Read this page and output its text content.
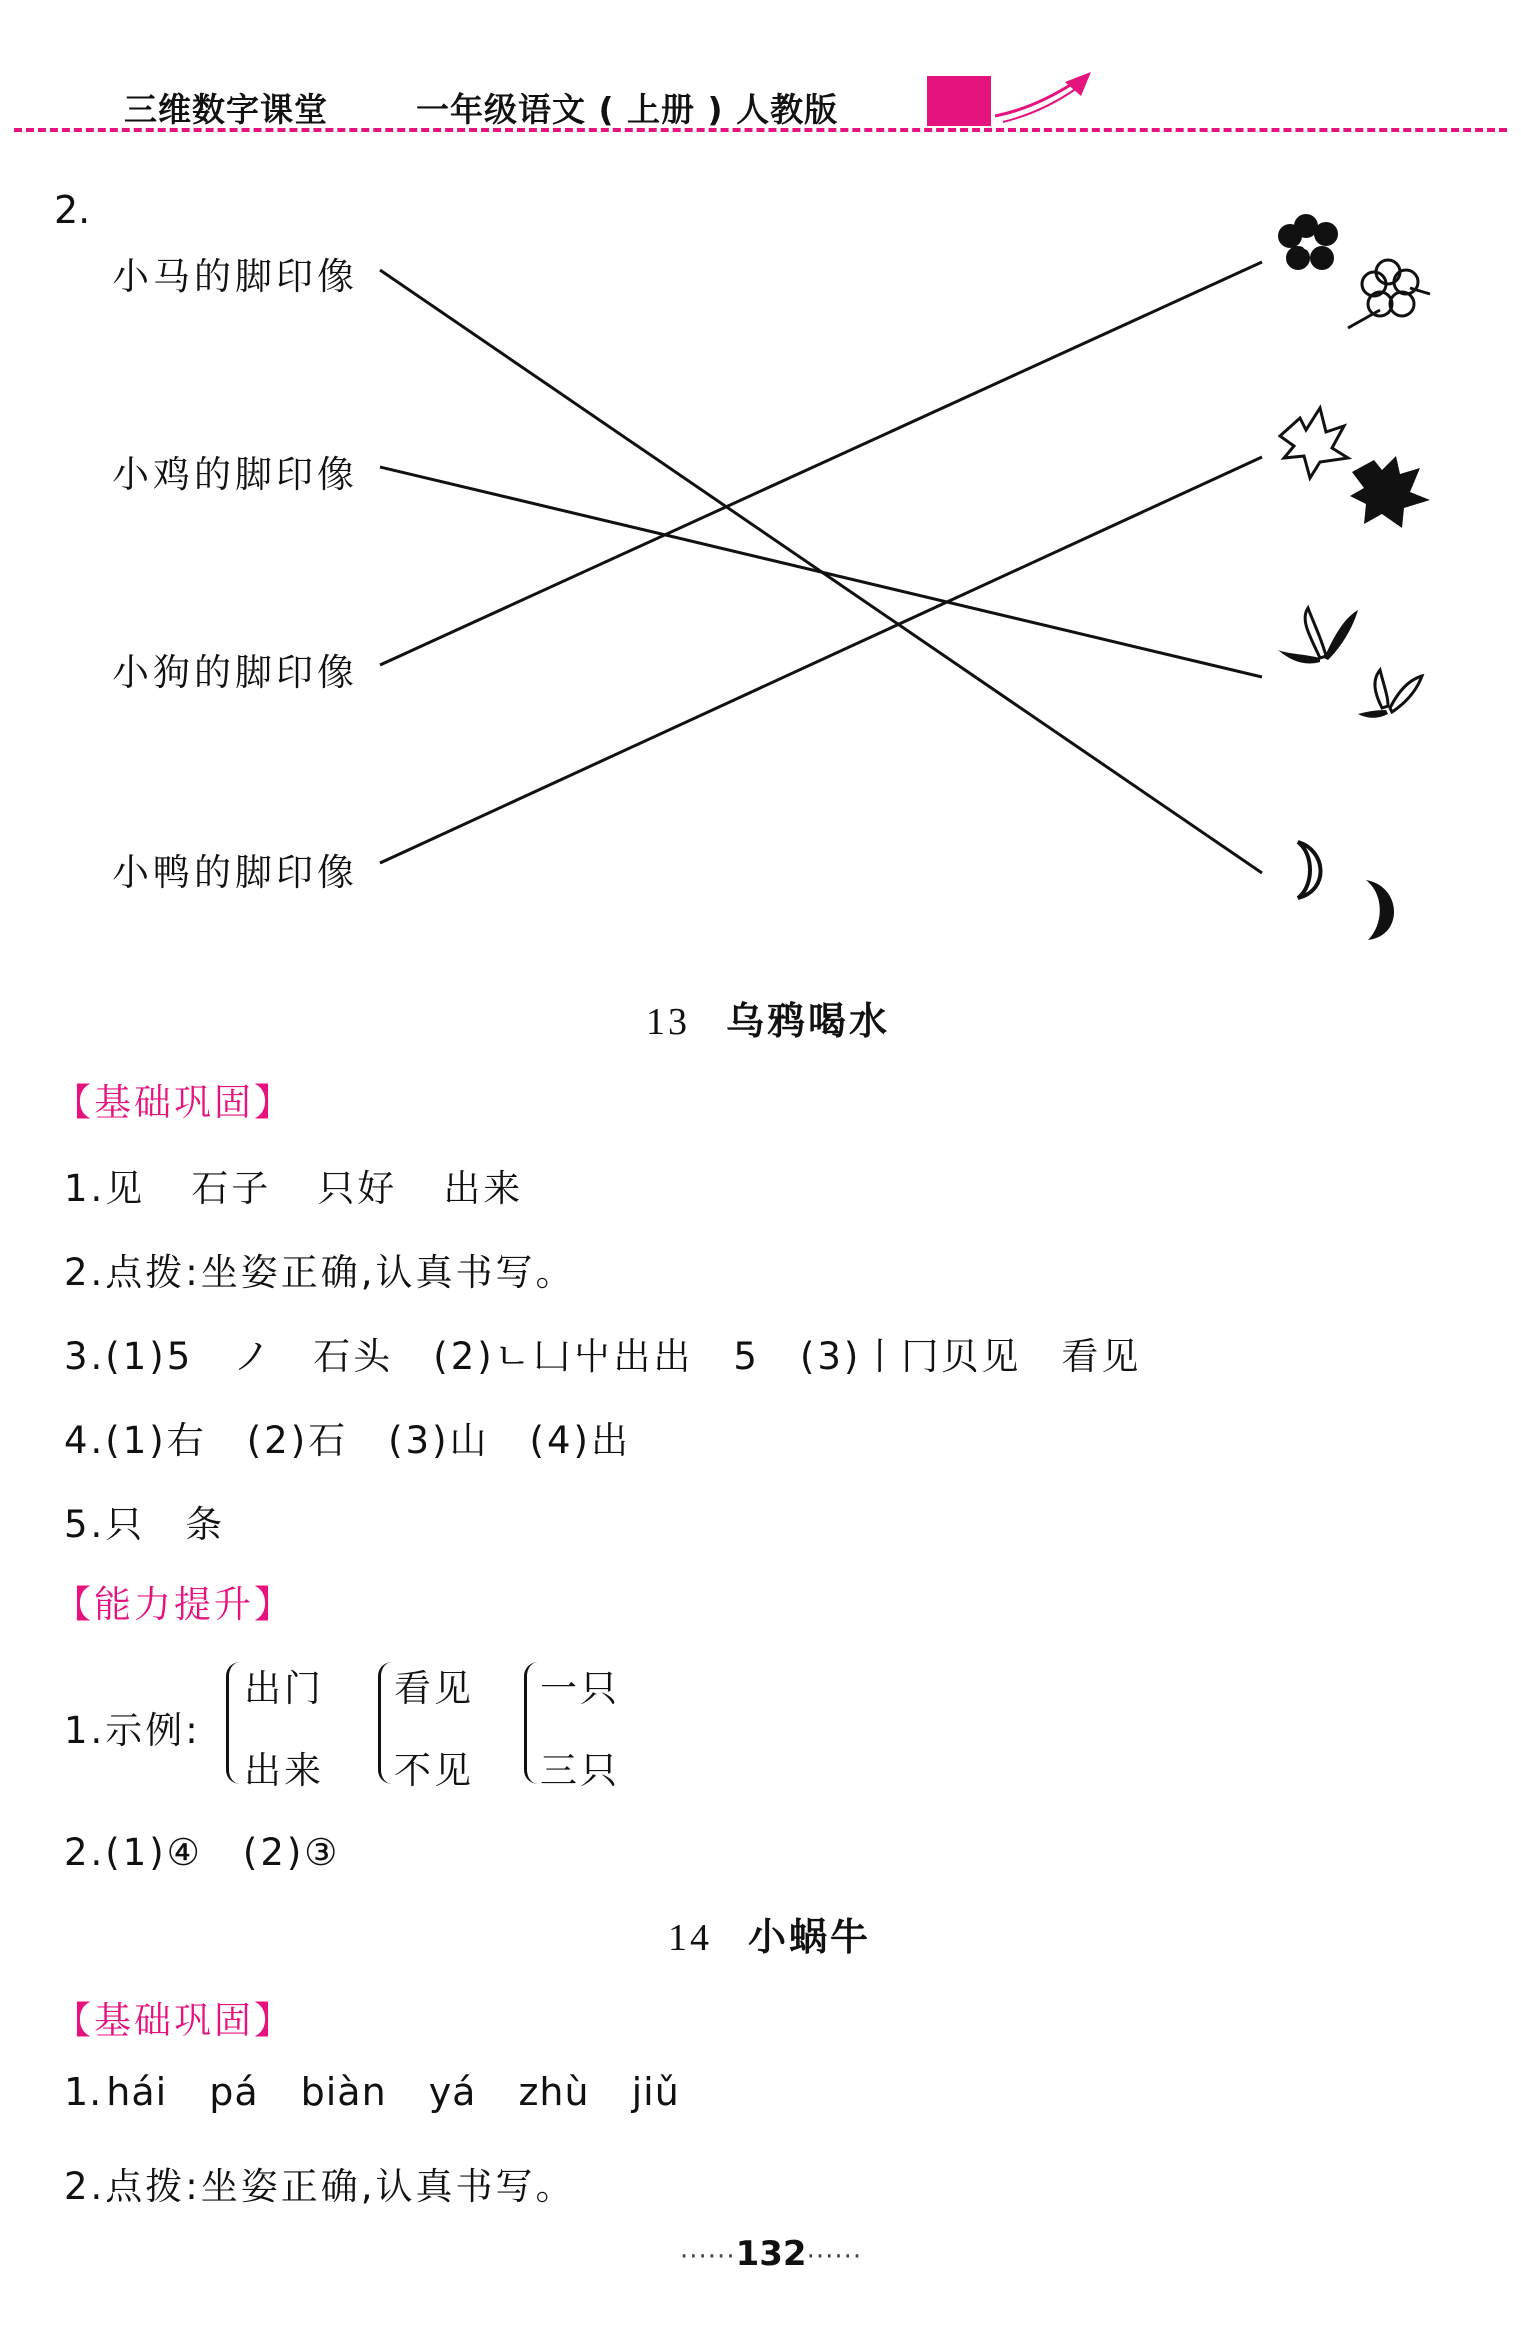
三维数字课堂	一年级语文 ( 上册 ) 人教版
2.
小马的脚印像
小鸡的脚印像
小狗的脚印像
小鸭的脚印像
13 乌鸦喝水
【基础巩固】
1.见 石子 只好 出来
2.点拨:坐姿正确,认真书写。
3.(1)5　ノ　石头　(2)ㄴ凵屮出出　5　(3)丨冂贝见　看见
4.(1)右　(2)石　(3)山　(4)出
5.只　条
【能力提升】
1.示例:
出门
出来
看见
不见
一只
三只
2.(1)④　(2)③
14 小蜗牛
【基础巩固】
1. hái pá biàn yá zhù jiǔ
2.点拨:坐姿正确,认真书写。
······132······
